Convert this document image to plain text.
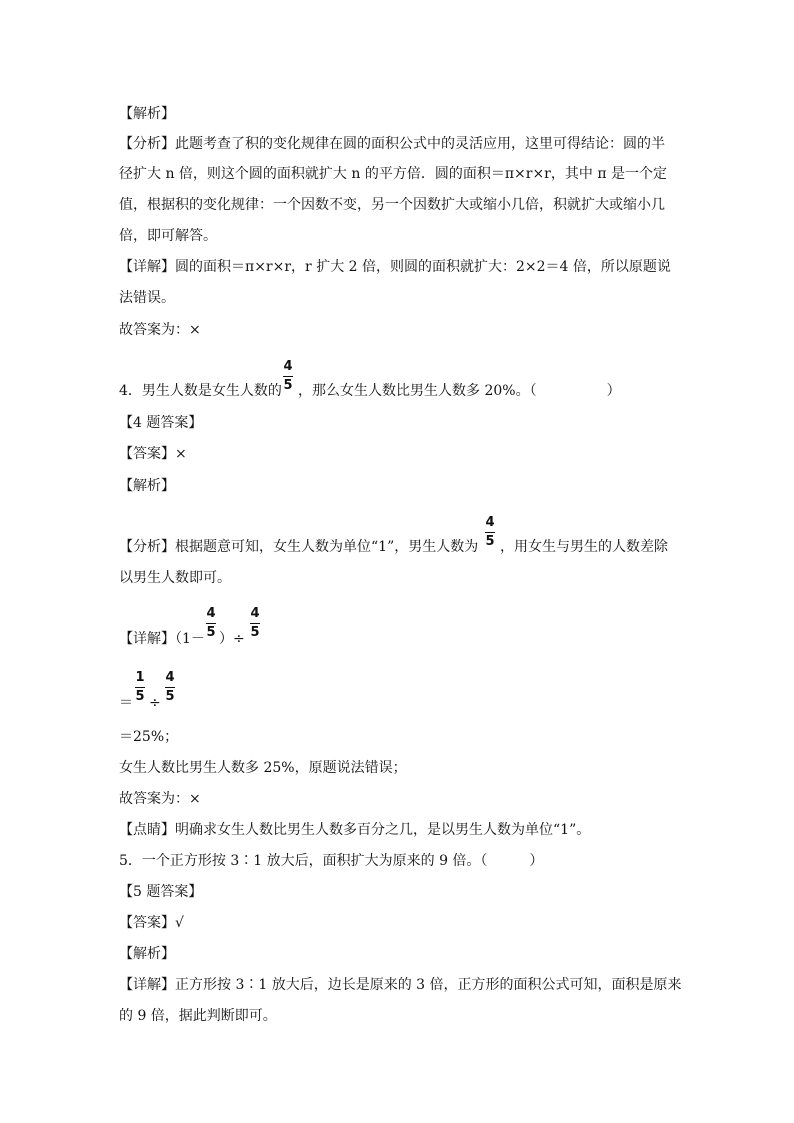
【解析】
【分析】此题考查了积的变化规律在圆的面积公式中的灵活应用，这里可得结论：圆的半
径扩大 n 倍，则这个圆的面积就扩大 n 的平方倍．圆的面积＝π×r×r，其中 π 是一个定
值，根据积的变化规律：一个因数不变，另一个因数扩大或缩小几倍，积就扩大或缩小几
倍，即可解答。
【详解】圆的面积＝π×r×r，r 扩大 2 倍，则圆的面积就扩大：2×2＝4 倍，所以原题说
法错误。
故答案为：×
4．男生人数是女生人数的
4
5 ，那么女生人数比男生人数多 20%。（　　　　　）
【4 题答案】
【答案】×
【解析】
【分析】根据题意可知，女生人数为单位“1”，男生人数为
4
5 ，用女生与男生的人数差除
以男生人数即可。
【详解】（1－
4
5 ）÷
4
5
＝
1
5 ÷
4
5
＝25%；
女生人数比男生人数多 25%，原题说法错误；
故答案为：×
【点睛】明确求女生人数比男生人数多百分之几，是以男生人数为单位“1”。
5．一个正方形按 3∶1 放大后，面积扩大为原来的 9 倍。（　　　）
【5 题答案】
【答案】√
【解析】
【详解】正方形按 3∶1 放大后，边长是原来的 3 倍，正方形的面积公式可知，面积是原来
的 9 倍，据此判断即可。
